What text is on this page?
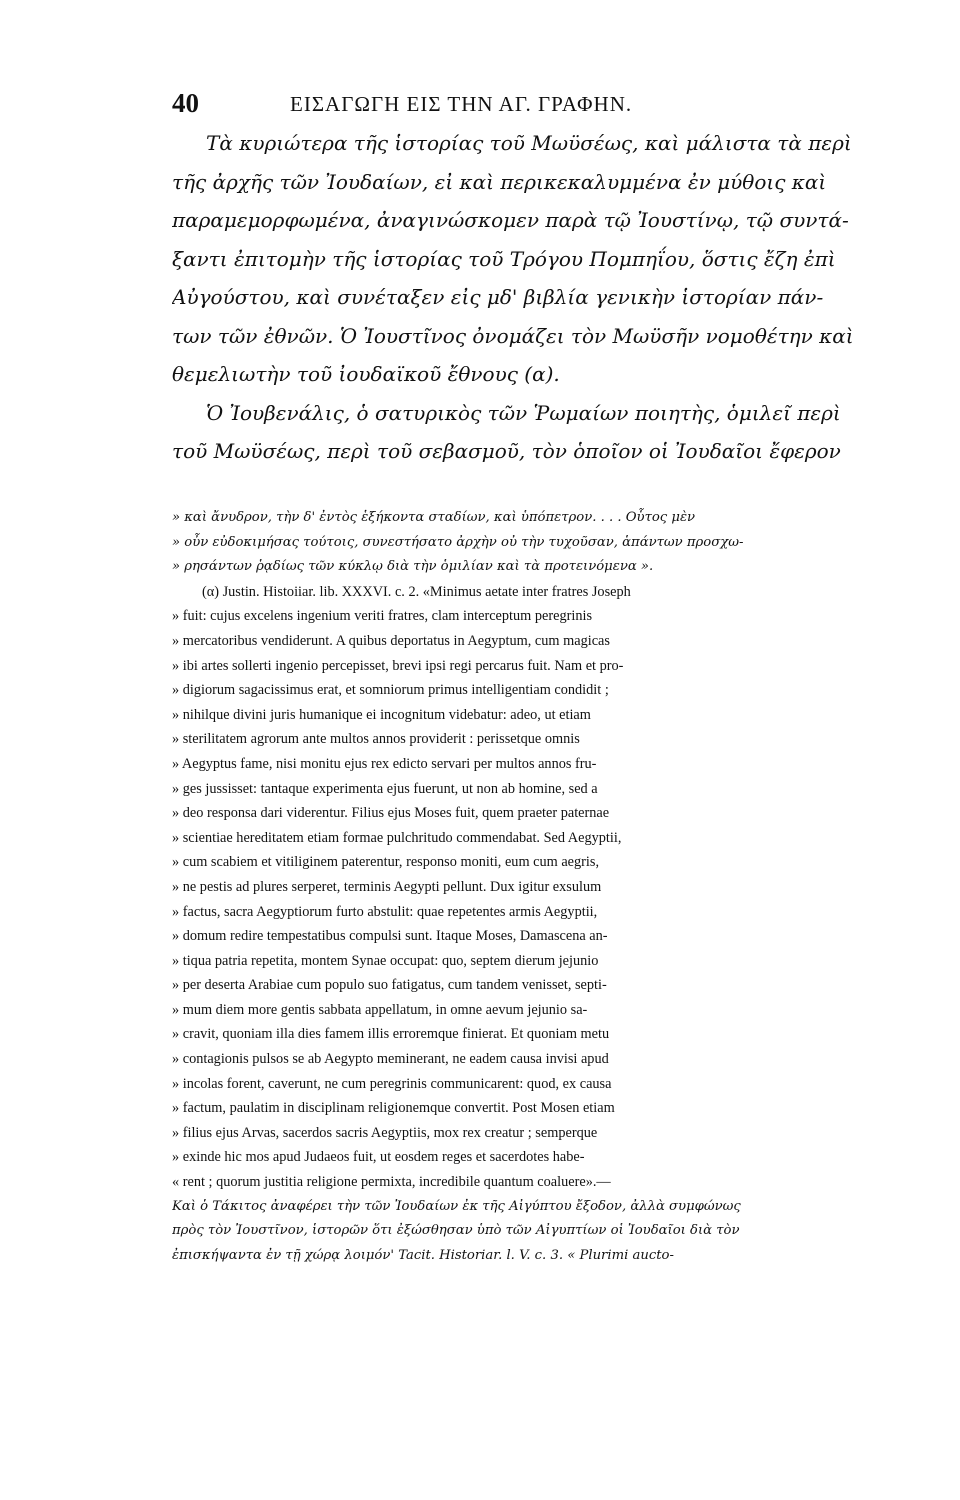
40	ΕΙΣΑΓΩΓΗ ΕΙΣ ΤΗΝ ΑΓ. ΓΡΑΦΗΝ.
Τὰ κυριώτερα τῆς ἱστορίας τοῦ Μωϋσέως, καὶ μάλιστα τὰ περὶ
τῆς ἀρχῆς τῶν Ἰουδαίων, εἰ καὶ περικεκαλυμμένα ἐν μύθοις καὶ
παραμεμορφωμένα, ἀναγινώσκομεν παρὰ τῷ Ἰουστίνῳ, τῷ συντά-
ξαντι ἐπιτομὴν τῆς ἱστορίας τοῦ Τρόγου Πομπηΐου, ὅστις ἔζη ἐπὶ
Αὐγούστου, καὶ συνέταξεν εἰς μδ' βιβλία γενικὴν ἱστορίαν πάν-
των τῶν ἐθνῶν. Ὁ Ἰουστῖνος ὀνομάζει τὸν Μωϋσῆν νομοθέτην καὶ
θεμελιωτὴν τοῦ ἰουδαϊκοῦ ἔθνους (α).
Ὁ Ἰουβενάλις, ὁ σατυρικὸς τῶν Ῥωμαίων ποιητὴς, ὁμιλεῖ περὶ
τοῦ Μωϋσέως, περὶ τοῦ σεβασμοῦ, τὸν ὁποῖον οἱ Ἰουδαῖοι ἔφερον
» καὶ ἄνυδρον, τὴν δ' ἐντὸς ἑξήκοντα σταδίων, καὶ ὑπόπετρον. . . . Οὗτος μὲν
» οὖν εὐδοκιμήσας τούτοις, συνεστήσατο ἀρχὴν οὐ τὴν τυχοῦσαν, ἁπάντων προσχω-
» ρησάντων ῥᾳδίως τῶν κύκλῳ διὰ τὴν ὁμιλίαν καὶ τὰ προτεινόμενα ».
(α) Justin. Histoiiar. lib. XXXVI. c. 2. «Minimus aetate inter fratres Joseph
» fuit: cujus excelens ingenium veriti fratres, clam interceptum peregrinis
» mercatoribus vendiderunt. A quibus deportatus in Aegyptum, cum magicas
» ibi artes sollerti ingenio percepisset, brevi ipsi regi percarus fuit. Nam et pro-
» digiorum sagacissimus erat, et somniorum primus intelligentiam condidit ;
» nihilque divini juris humanique ei incognitum videbatur: adeo, ut etiam
» sterilitatem agrorum ante multos annos providerit : perissetque omnis
» Aegyptus fame, nisi monitu ejus rex edicto servari per multos annos fru-
» ges jussisset: tantaque experimenta ejus fuerunt, ut non ab homine, sed a
» deo responsa dari viderentur. Filius ejus Moses fuit, quem praeter paternae
» scientiae hereditatem etiam formae pulchritudo commendabat. Sed Aegyptii,
» cum scabiem et vitiliginem paterentur, responso moniti, eum cum aegris,
» ne pestis ad plures serperet, terminis Aegypti pellunt. Dux igitur exsulum
» factus, sacra Aegyptiorum furto abstulit: quae repetentes armis Aegyptii,
» domum redire tempestatibus compulsi sunt. Itaque Moses, Damascena an-
» tiqua patria repetita, montem Synae occupat: quo, septem dierum jejunio
» per deserta Arabiae cum populo suo fatigatus, cum tandem venisset, septi-
» mum diem more gentis sabbata appellatum, in omne aevum jejunio sa-
» cravit, quoniam illa dies famem illis erroremque finierat. Et quoniam metu
» contagionis pulsos se ab Aegypto meminerant, ne eadem causa invisi apud
» incolas forent, caverunt, ne cum peregrinis communicarent: quod, ex causa
» factum, paulatim in disciplinam religionemque convertit. Post Mosen etiam
» filius ejus Arvas, sacerdos sacris Aegyptiis, mox rex creatur ; semperque
» exinde hic mos apud Judaeos fuit, ut eosdem reges et sacerdotes habe-
« rent ; quorum justitia religione permixta, incredibile quantum coaluere».—
Καὶ ὁ Τάκιτος ἀναφέρει τὴν τῶν Ἰουδαίων ἐκ τῆς Αἰγύπτου ἔξοδον, ἀλλὰ συμφώνως
πρὸς τὸν Ἰουστῖνον, ἱστορῶν ὅτι ἐξώσθησαν ὑπὸ τῶν Αἰγυπτίων οἱ Ἰουδαῖοι διὰ τὸν
ἐπισκήψαντα ἐν τῇ χώρᾳ λοιμόν' Tacit. Historiar. l. V. c. 3. « Plurimi aucto-
